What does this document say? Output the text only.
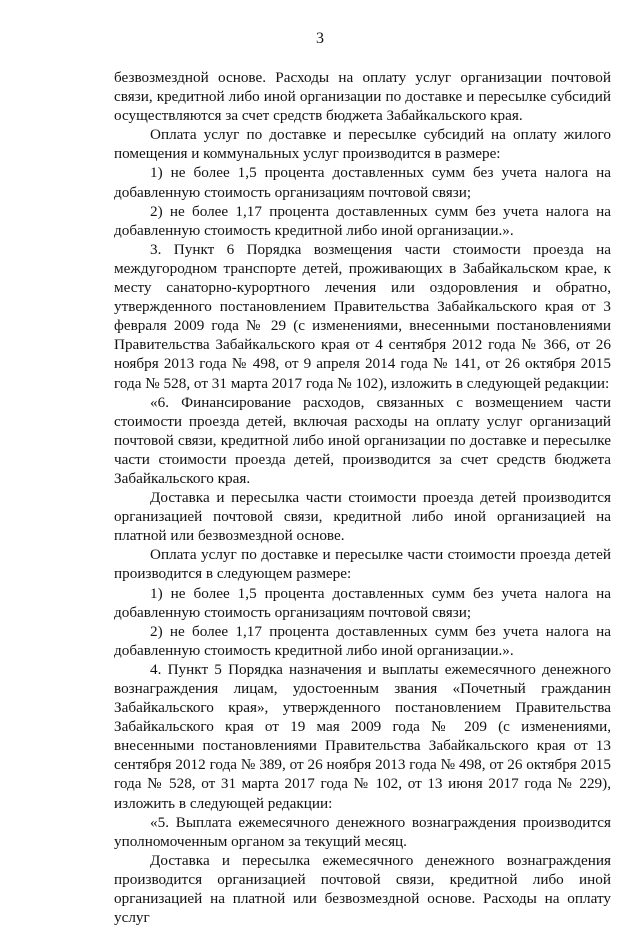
3

безвозмездной основе. Расходы на оплату услуг организации почтовой связи, кредитной либо иной организации по доставке и пересылке субсидий осуществляются за счет средств бюджета Забайкальского края.

Оплата услуг по доставке и пересылке субсидий на оплату жилого помещения и коммунальных услуг производится в размере:

1) не более 1,5 процента доставленных сумм без учета налога на добавленную стоимость организациям почтовой связи;

2) не более 1,17 процента доставленных сумм без учета налога на добавленную стоимость кредитной либо иной организации.».

3. Пункт 6 Порядка возмещения части стоимости проезда на междугородном транспорте детей, проживающих в Забайкальском крае, к месту санаторно-курортного лечения или оздоровления и обратно, утвержденного постановлением Правительства Забайкальского края от 3 февраля 2009 года № 29 (с изменениями, внесенными постановлениями Правительства Забайкальского края от 4 сентября 2012 года № 366, от 26 ноября 2013 года № 498, от 9 апреля 2014 года № 141, от 26 октября 2015 года № 528, от 31 марта 2017 года № 102), изложить в следующей редакции:

«6. Финансирование расходов, связанных с возмещением части стоимости проезда детей, включая расходы на оплату услуг организаций почтовой связи, кредитной либо иной организации по доставке и пересылке части стоимости проезда детей, производится за счет средств бюджета Забайкальского края.

Доставка и пересылка части стоимости проезда детей производится организацией почтовой связи, кредитной либо иной организацией на платной или безвозмездной основе.

Оплата услуг по доставке и пересылке части стоимости проезда детей производится в следующем размере:

1) не более 1,5 процента доставленных сумм без учета налога на добавленную стоимость организациям почтовой связи;

2) не более 1,17 процента доставленных сумм без учета налога на добавленную стоимость кредитной либо иной организации.».

4. Пункт 5 Порядка назначения и выплаты ежемесячного денежного вознаграждения лицам, удостоенным звания «Почетный гражданин Забайкальского края», утвержденного постановлением Правительства Забайкальского края от 19 мая 2009 года № 209 (с изменениями, внесенными постановлениями Правительства Забайкальского края от 13 сентября 2012 года № 389, от 26 ноября 2013 года № 498, от 26 октября 2015 года № 528, от 31 марта 2017 года № 102, от 13 июня 2017 года № 229), изложить в следующей редакции:

«5. Выплата ежемесячного денежного вознаграждения производится уполномоченным органом за текущий месяц.

Доставка и пересылка ежемесячного денежного вознаграждения производится организацией почтовой связи, кредитной либо иной организацией на платной или безвозмездной основе. Расходы на оплату услуг
